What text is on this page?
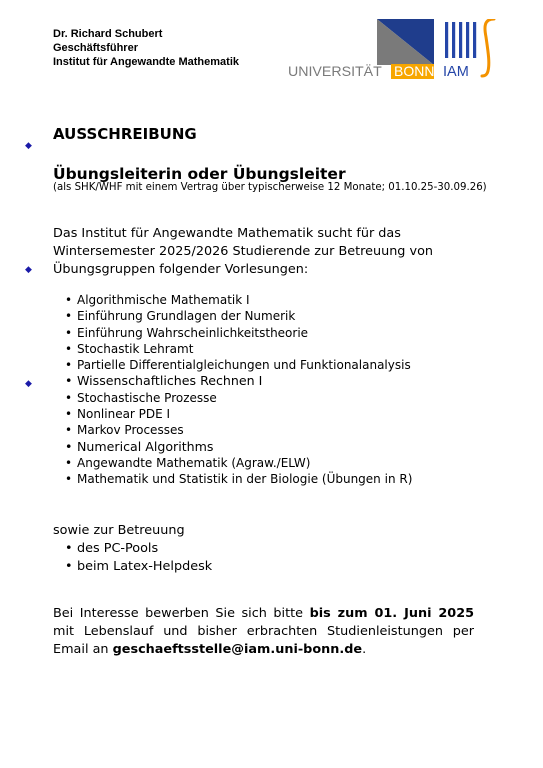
Dr. Richard Schubert
Geschäftsführer
Institut für Angewandte Mathematik
UNIVERSITÄT BONN IAM
◆
◆
◆
AUSSCHREIBUNG
Übungsleiterin oder Übungsleiter
(als SHK/WHF mit einem Vertrag über typischerweise 12 Monate; 01.10.25-30.09.26)
Das Institut für Angewandte Mathematik sucht für das Wintersemester 2025/2026 Studierende zur Betreuung von Übungsgruppen folgender Vorlesungen:
• Algorithmische Mathematik I
• Einführung Grundlagen der Numerik
• Einführung Wahrscheinlichkeitstheorie
• Stochastik Lehramt
• Partielle Differentialgleichungen und Funktionalanalysis
• Wissenschaftliches Rechnen I
• Stochastische Prozesse
• Nonlinear PDE I
• Markov Processes
• Numerical Algorithms
• Angewandte Mathematik (Agraw./ELW)
• Mathematik und Statistik in der Biologie (Übungen in R)
sowie zur Betreuung
• des PC-Pools
• beim Latex-Helpdesk
Bei Interesse bewerben Sie sich bitte bis zum 01. Juni 2025
mit Lebenslauf und bisher erbrachten Studienleistungen per
Email an geschaeftsstelle@iam.uni-bonn.de.
